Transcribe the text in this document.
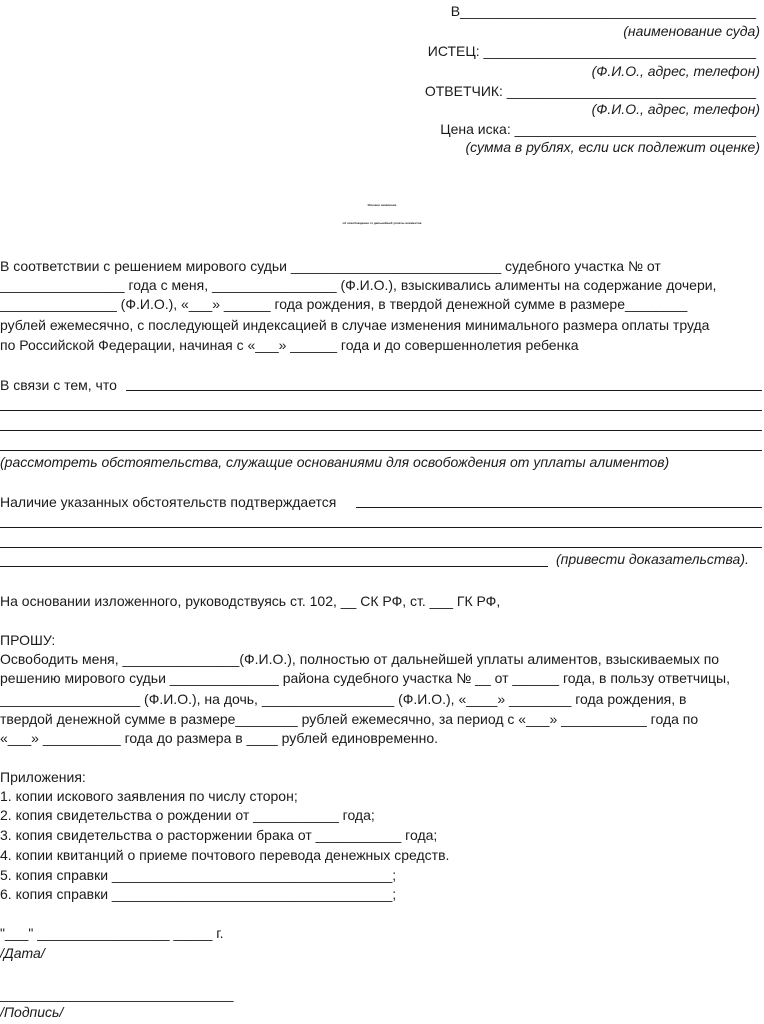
В______________________________________
(наименование суда)
ИСТЕЦ: ___________________________________
(Ф.И.О., адрес, телефон)
ОТВЕТЧИК: ________________________________
(Ф.И.О., адрес, телефон)
Цена иска: _______________________________
(сумма в рублях, если иск подлежит оценке)
Исковое заявление
об освобождении от дальнейшей уплаты алиментов
В соответствии с решением мирового судьи ___________________________ судебного участка № от
________________ года с меня, ________________ (Ф.И.О.), взыскивались алименты на содержание дочери,
_______________ (Ф.И.О.), «___» ______ года рождения, в твердой денежной сумме в размере________
рублей ежемесячно, с последующей индексацией в случае изменения минимального размера оплаты труда
по Российской Федерации, начиная с «___» ______ года и до совершеннолетия ребенка
В связи с тем, что
(рассмотреть обстоятельства, служащие основаниями для освобождения от уплаты алиментов)
Наличие указанных обстоятельств подтверждается
(привести доказательства).
На основании изложенного, руководствуясь ст. 102, __ СК РФ, ст. ___ ГК РФ,
ПРОШУ:
Освободить меня, _______________(Ф.И.О.), полностью от дальнейшей уплаты алиментов, взыскиваемых по
решению мирового судьи ______________ района судебного участка № __ от ______ года, в пользу ответчицы,
__________________ (Ф.И.О.), на дочь, _________________ (Ф.И.О.), «____» ________ года рождения, в
твердой денежной сумме в размере________ рублей ежемесячно, за период с «___» ___________ года по
«___» __________ года до размера в ____ рублей единовременно.
Приложения:
1. копии искового заявления по числу сторон;
2. копия свидетельства о рождении от ___________ года;
3. копия свидетельства о расторжении брака от ___________ года;
4. копии квитанций о приеме почтового перевода денежных средств.
5. копия справки ____________________________________;
6. копия справки ____________________________________;
"___" _________________ _____ г.
/Дата/
______________________________
/Подпись/
